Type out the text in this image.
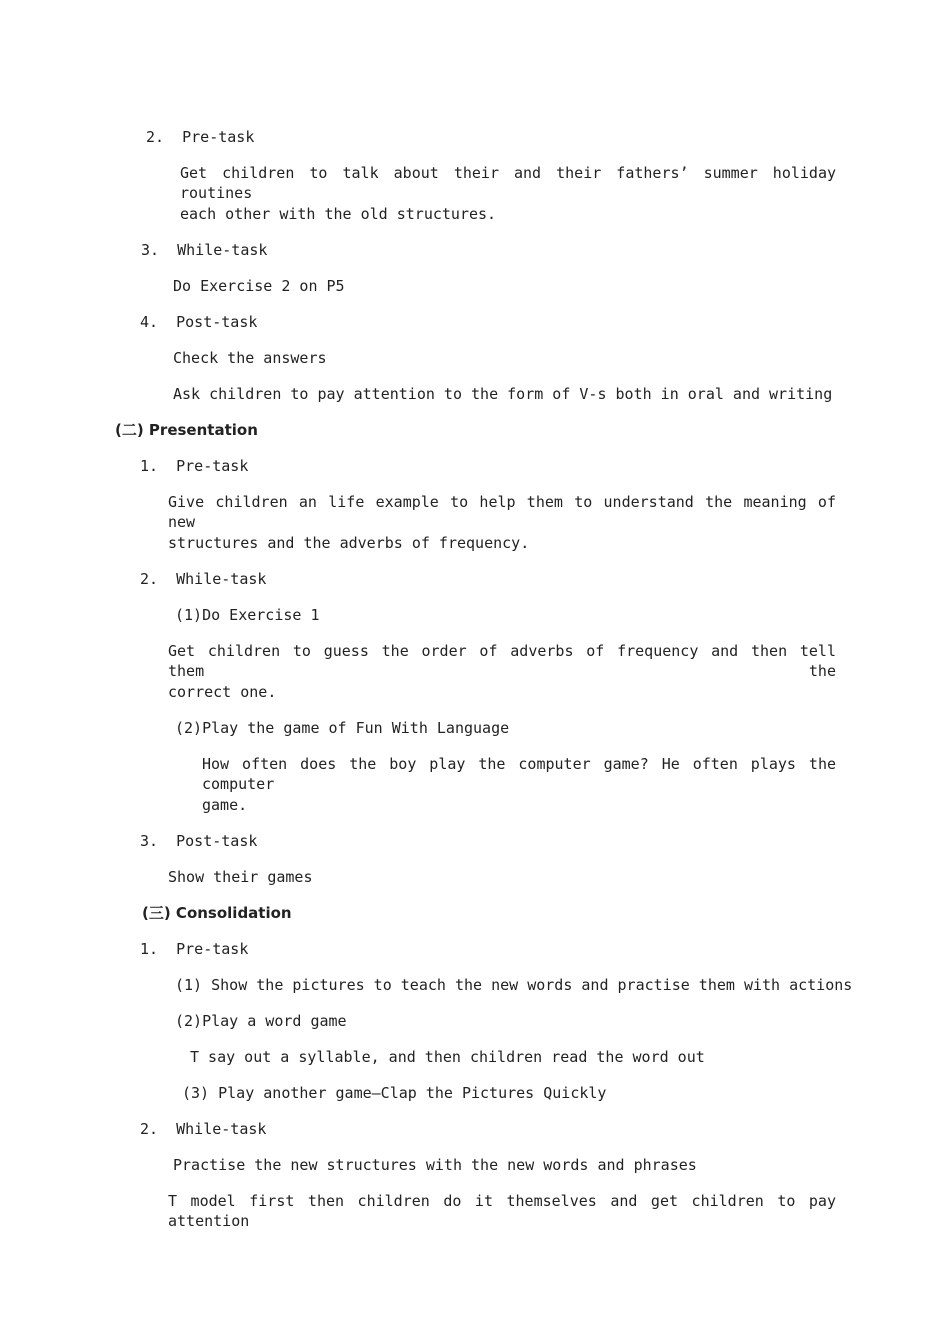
2.  Pre-task
Get children to talk about their and their fathers’ summer holiday routines
each other with the old structures.
3.  While-task
Do Exercise 2 on P5
4.  Post-task
Check the answers
Ask children to pay attention to the form of V-s both in oral and writing
(二) Presentation
1.  Pre-task
Give children an life example to help them to understand the meaning of new
structures and the adverbs of frequency.
2.  While-task
(1)Do Exercise 1
Get children to guess the order of adverbs of frequency and then tell them the
correct one.
(2)Play the game of Fun With Language
How often does the boy play the computer game? He often plays the computer
game.
3.  Post-task
Show their games
(三) Consolidation
1.  Pre-task
(1) Show the pictures to teach the new words and practise them with actions
(2)Play a word game
T say out a syllable, and then children read the word out
(3) Play another game—Clap the Pictures Quickly
2.  While-task
Practise the new structures with the new words and phrases
T model first then children do it themselves and get children to pay attention
